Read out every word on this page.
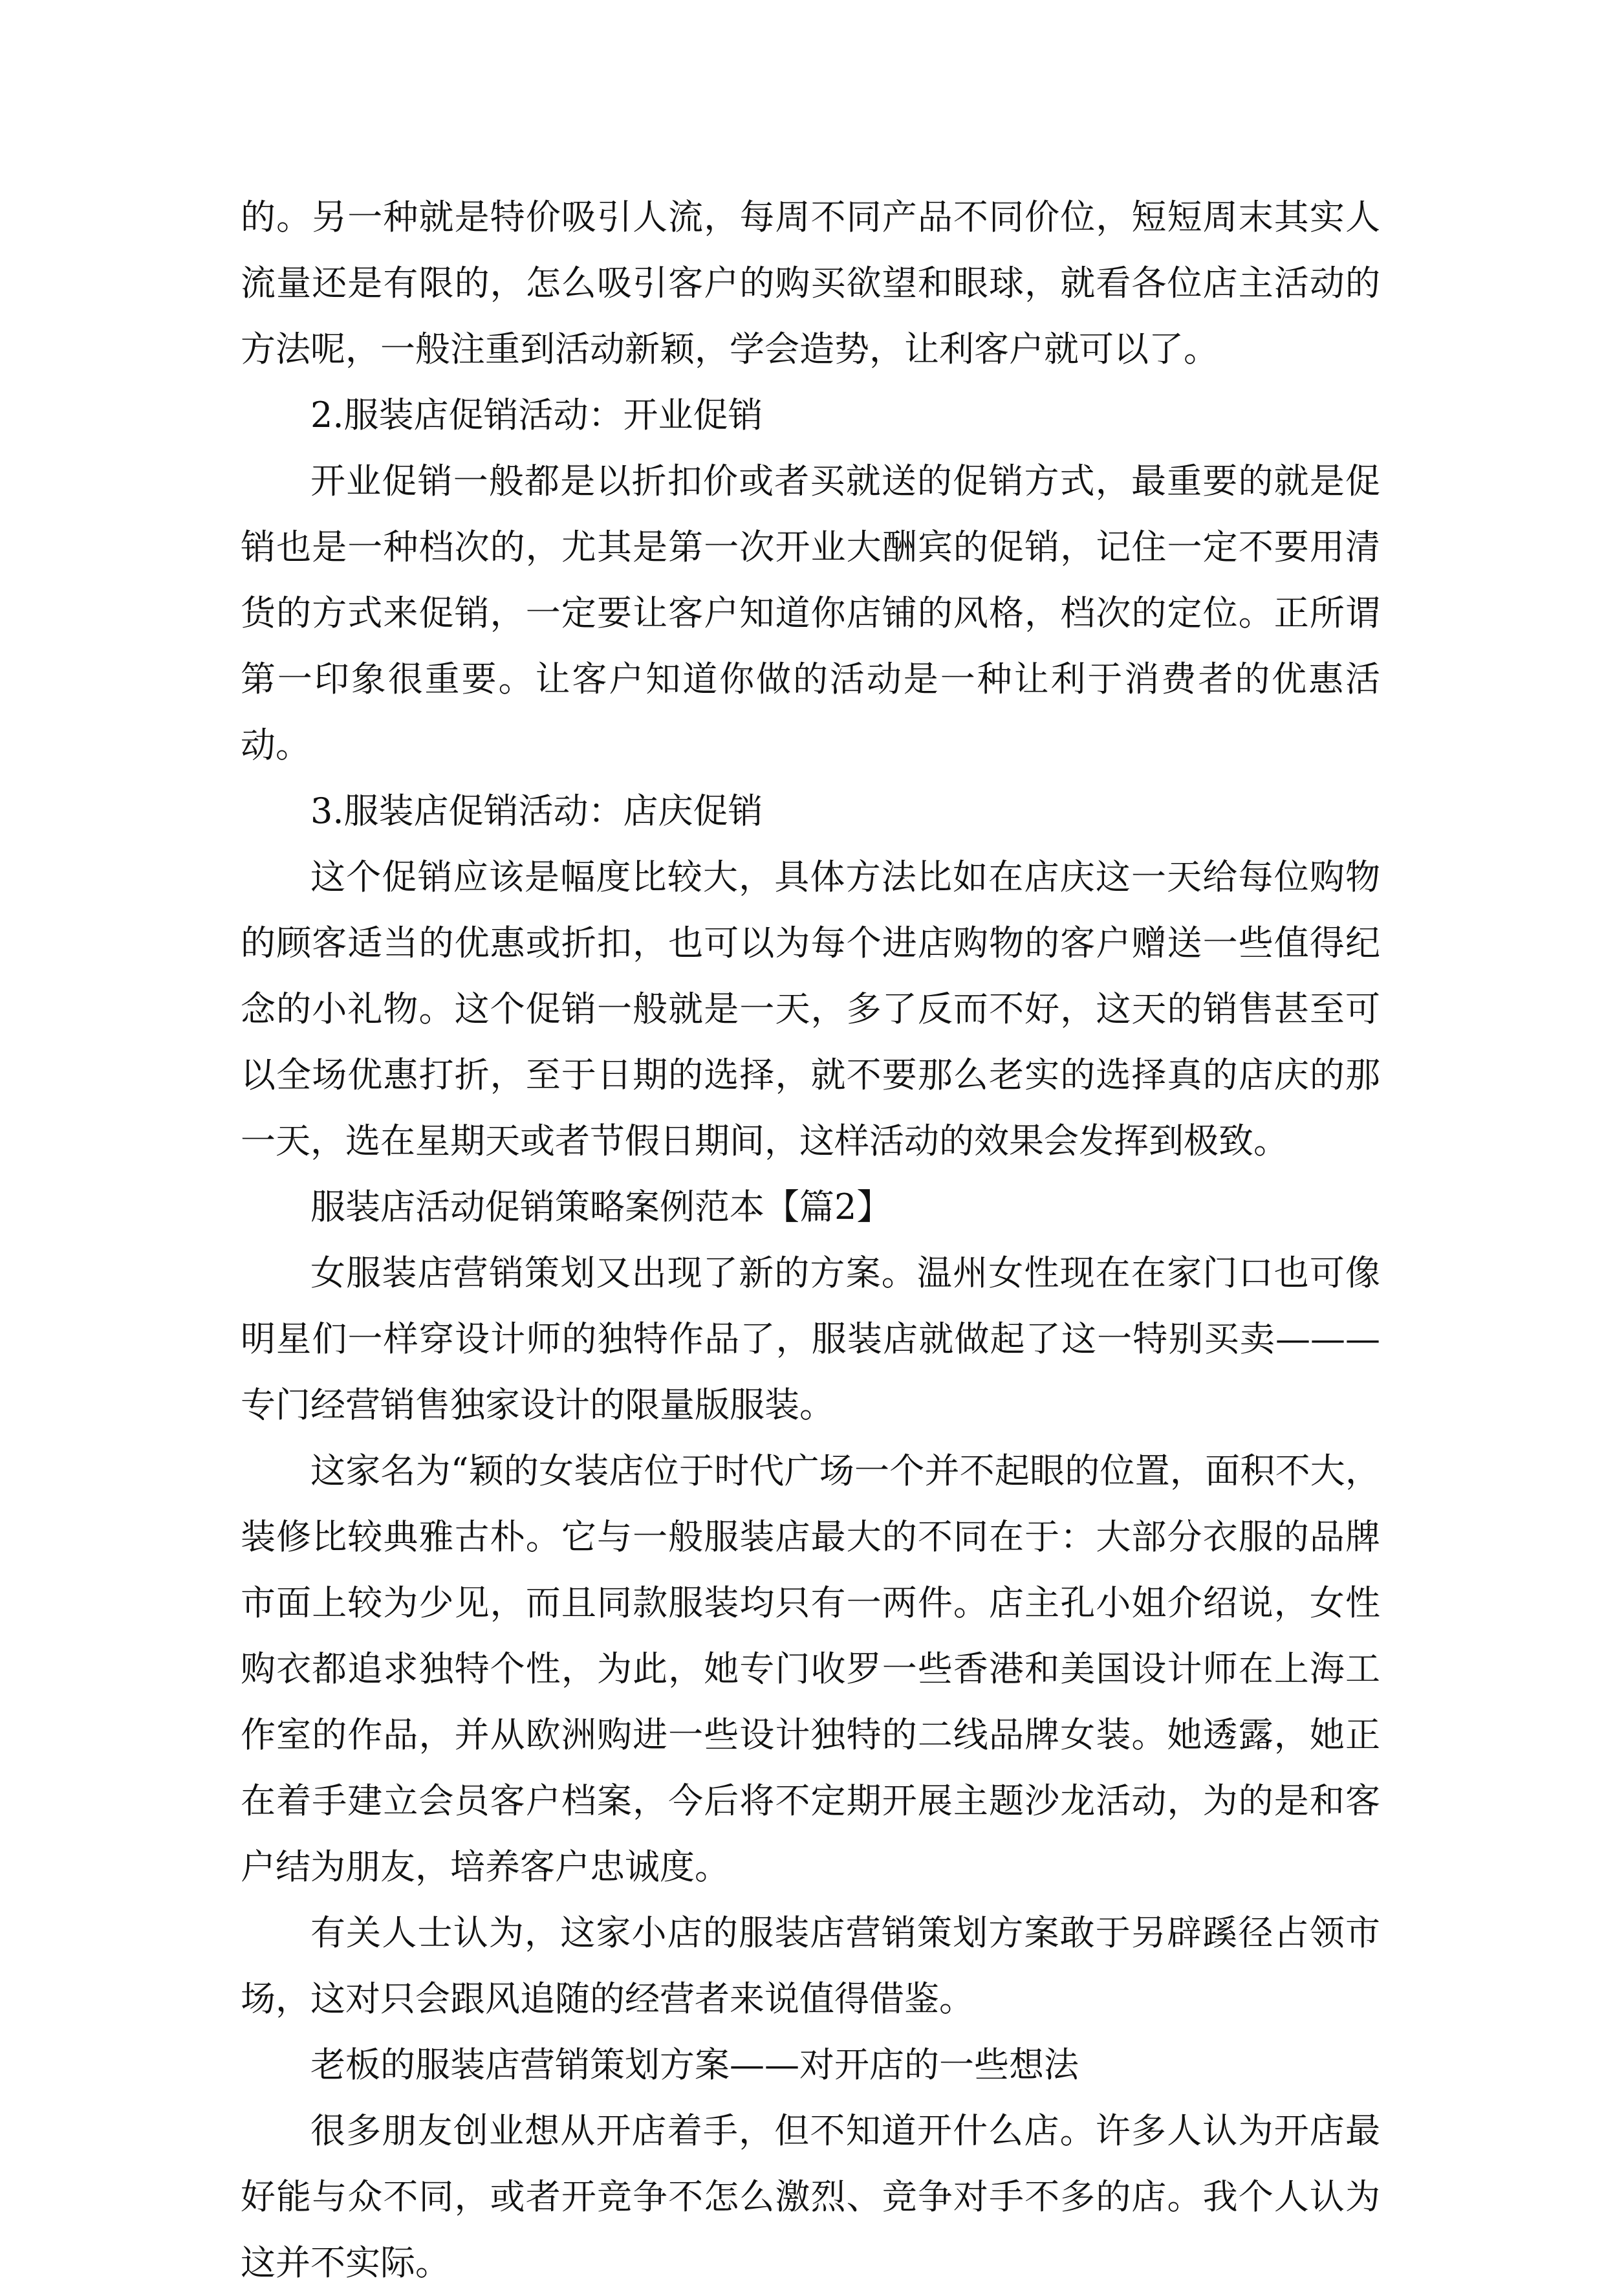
的。另一种就是特价吸引人流，每周不同产品不同价位，短短周末其实人流量还是有限的，怎么吸引客户的购买欲望和眼球，就看各位店主活动的方法呢，一般注重到活动新颖，学会造势，让利客户就可以了。

2.服装店促销活动：开业促销

开业促销一般都是以折扣价或者买就送的促销方式，最重要的就是促销也是一种档次的，尤其是第一次开业大酬宾的促销，记住一定不要用清货的方式来促销，一定要让客户知道你店铺的风格，档次的定位。正所谓第一印象很重要。让客户知道你做的活动是一种让利于消费者的优惠活动。

3.服装店促销活动：店庆促销

这个促销应该是幅度比较大，具体方法比如在店庆这一天给每位购物的顾客适当的优惠或折扣，也可以为每个进店购物的客户赠送一些值得纪念的小礼物。这个促销一般就是一天，多了反而不好，这天的销售甚至可以全场优惠打折，至于日期的选择，就不要那么老实的选择真的店庆的那一天，选在星期天或者节假日期间，这样活动的效果会发挥到极致。

服装店活动促销策略案例范本【篇2】

女服装店营销策划又出现了新的方案。温州女性现在在家门口也可像明星们一样穿设计师的独特作品了，服装店就做起了这一特别买卖———专门经营销售独家设计的限量版服装。

这家名为“颖的女装店位于时代广场一个并不起眼的位置，面积不大，装修比较典雅古朴。它与一般服装店最大的不同在于：大部分衣服的品牌市面上较为少见，而且同款服装均只有一两件。店主孔小姐介绍说，女性购衣都追求独特个性，为此，她专门收罗一些香港和美国设计师在上海工作室的作品，并从欧洲购进一些设计独特的二线品牌女装。她透露，她正在着手建立会员客户档案，今后将不定期开展主题沙龙活动，为的是和客户结为朋友，培养客户忠诚度。

有关人士认为，这家小店的服装店营销策划方案敢于另辟蹊径占领市场，这对只会跟风追随的经营者来说值得借鉴。

老板的服装店营销策划方案——对开店的一些想法

很多朋友创业想从开店着手，但不知道开什么店。许多人认为开店最好能与众不同，或者开竞争不怎么激烈、竞争对手不多的店。我个人认为这并不实际。
